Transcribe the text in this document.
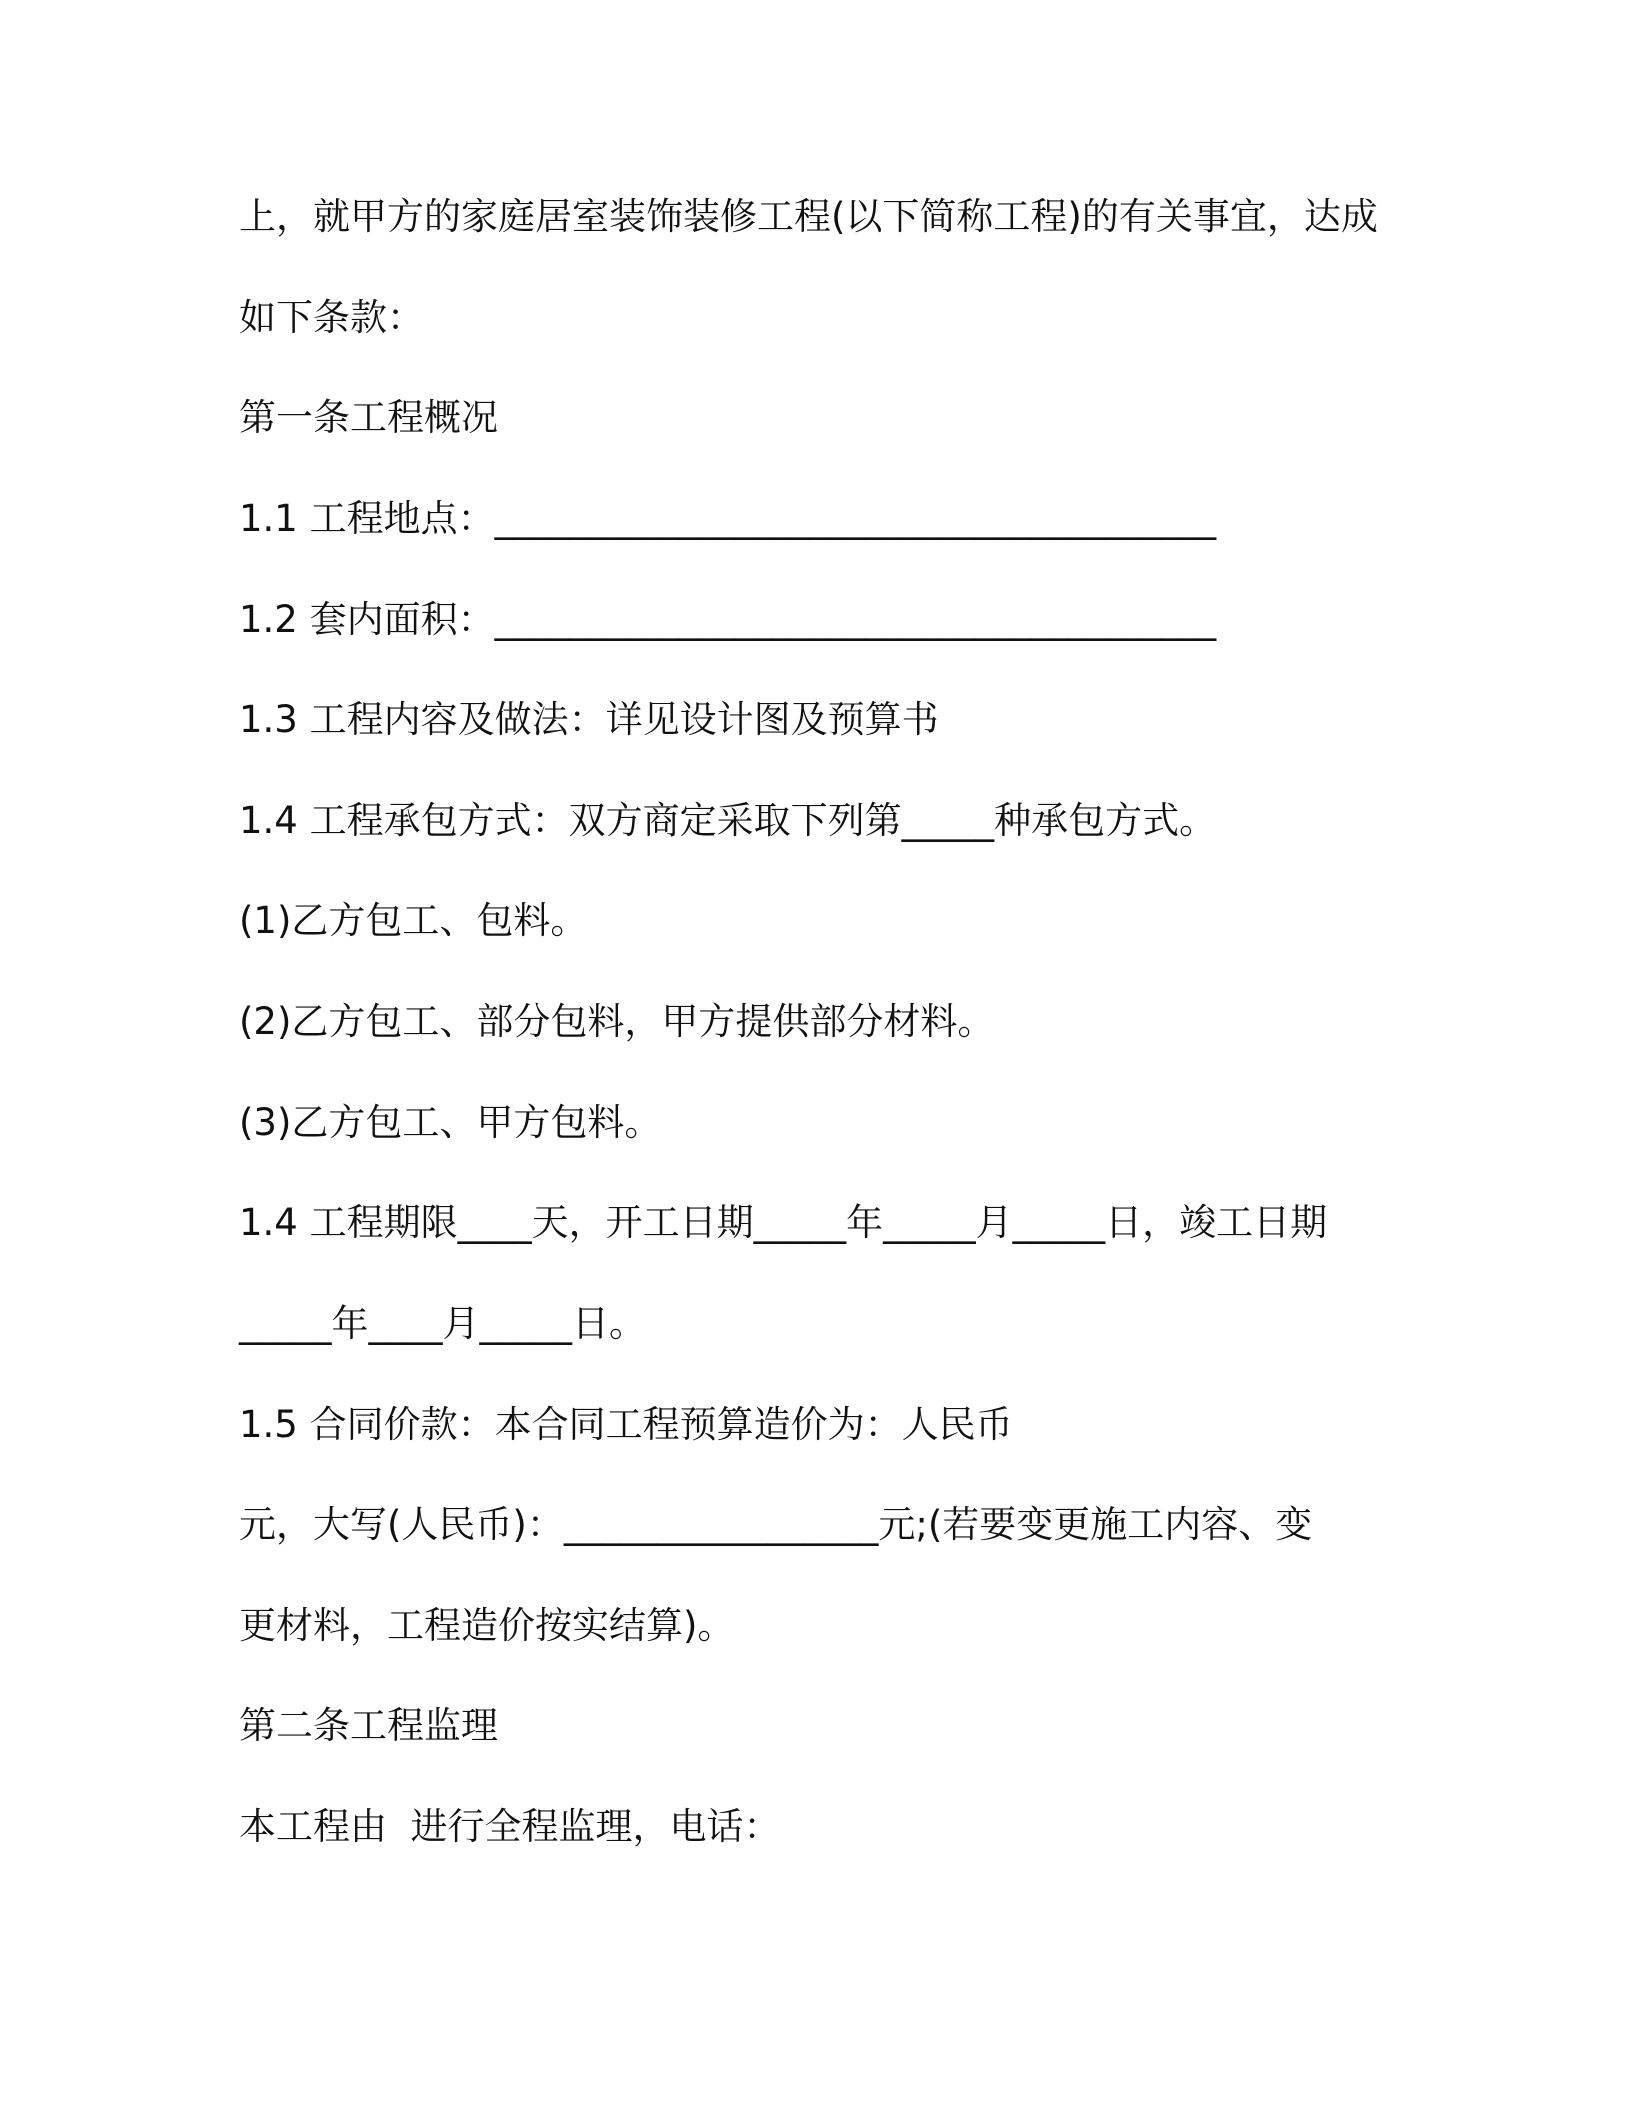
上，就甲方的家庭居室装饰装修工程(以下简称工程)的有关事宜，达成
如下条款：
第一条工程概况
1.1 工程地点：_______________________________________
1.2 套内面积：_______________________________________
1.3 工程内容及做法：详见设计图及预算书
1.4 工程承包方式：双方商定采取下列第_____种承包方式。
(1)乙方包工、包料。
(2)乙方包工、部分包料，甲方提供部分材料。
(3)乙方包工、甲方包料。
1.4 工程期限____天，开工日期_____年_____月_____日，竣工日期
_____年____月_____日。
1.5 合同价款：本合同工程预算造价为：人民币
元，大写(人民币)：_________________元;(若要变更施工内容、变
更材料，工程造价按实结算)。
第二条工程监理
本工程由  进行全程监理，电话：
